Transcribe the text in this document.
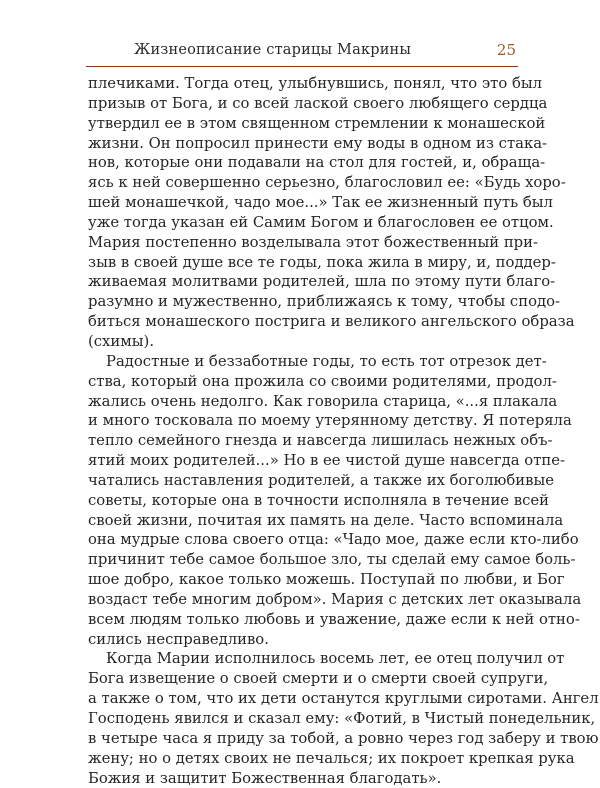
Жизнеописание старицы Макрины	25
плечиками. Тогда отец, улыбнувшись, понял, что это был
призыв от Бога, и со всей лаской своего любящего сердца
утвердил ее в этом священном стремлении к монашеской
жизни. Он попросил принести ему воды в одном из стака-
нов, которые они подавали на стол для гостей, и, обраща-
ясь к ней совершенно серьезно, благословил ее: «Будь хоро-
шей монашечкой, чадо мое...» Так ее жизненный путь был
уже тогда указан ей Самим Богом и благословен ее отцом.
Мария постепенно возделывала этот божественный при-
зыв в своей душе все те годы, пока жила в миру, и, поддер-
живаемая молитвами родителей, шла по этому пути благо-
разумно и мужественно, приближаясь к тому, чтобы сподо-
биться монашеского пострига и великого ангельского образа
(схимы).
Радостные и беззаботные годы, то есть тот отрезок дет-
ства, который она прожила со своими родителями, продол-
жались очень недолго. Как говорила старица, «...я плакала
и много тосковала по моему утерянному детству. Я потеряла
тепло семейного гнезда и навсегда лишилась нежных объ-
ятий моих родителей...» Но в ее чистой душе навсегда отпе-
чатались наставления родителей, а также их боголюбивые
советы, которые она в точности исполняла в течение всей
своей жизни, почитая их память на деле. Часто вспоминала
она мудрые слова своего отца: «Чадо мое, даже если кто-либо
причинит тебе самое большое зло, ты сделай ему самое боль-
шое добро, какое только можешь. Поступай по любви, и Бог
воздаст тебе многим добром». Мария с детских лет оказывала
всем людям только любовь и уважение, даже если к ней отно-
сились несправедливо.
Когда Марии исполнилось восемь лет, ее отец получил от
Бога извещение о своей смерти и о смерти своей супруги,
а также о том, что их дети останутся круглыми сиротами. Ангел
Господень явился и сказал ему: «Фотий, в Чистый понедельник,
в четыре часа я приду за тобой, а ровно через год заберу и твою
жену; но о детях своих не печалься; их покроет крепкая рука
Божия и защитит Божественная благодать».
